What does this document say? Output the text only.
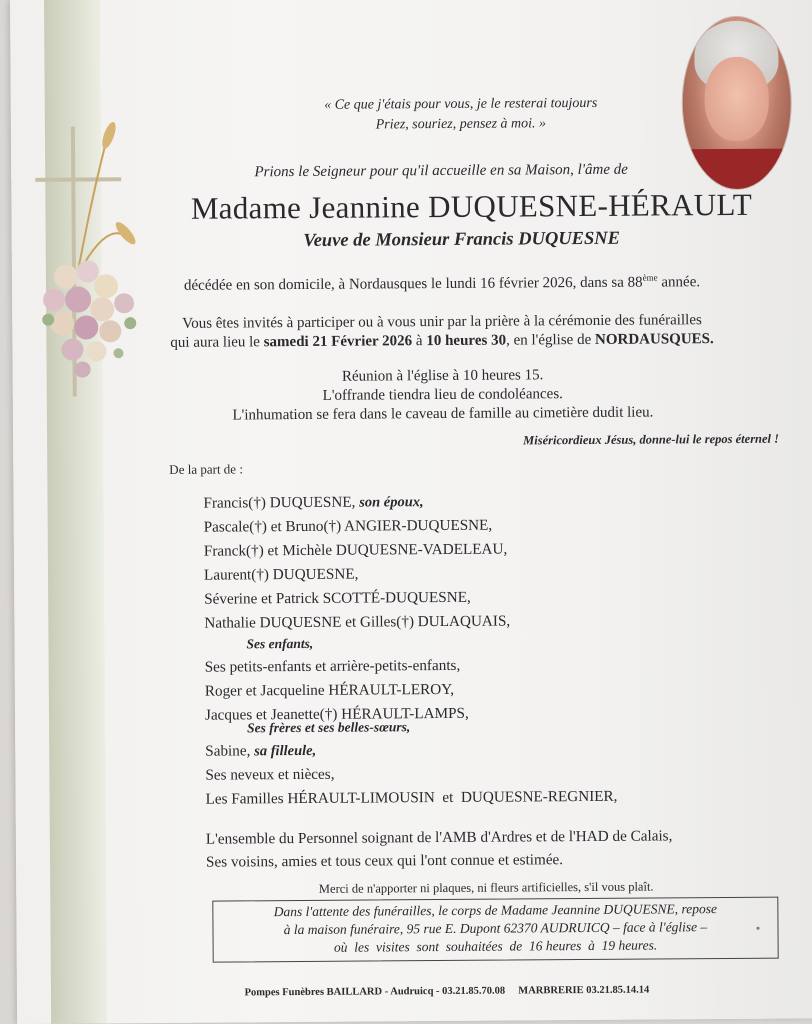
« Ce que j'étais pour vous, je le resterai toujours
Priez, souriez, pensez à moi. »
Prions le Seigneur pour qu'il accueille en sa Maison, l'âme de
Madame Jeannine DUQUESNE-HÉRAULT
Veuve de Monsieur Francis DUQUESNE
décédée en son domicile, à Nordausques le lundi 16 février 2026, dans sa 88ème année.
Vous êtes invités à participer ou à vous unir par la prière à la cérémonie des funérailles
qui aura lieu le samedi 21 Février 2026 à 10 heures 30, en l'église de NORDAUSQUES.
Réunion à l'église à 10 heures 15.
L'offrande tiendra lieu de condoléances.
L'inhumation se fera dans le caveau de famille au cimetière dudit lieu.
Miséricordieux Jésus, donne-lui le repos éternel !
De la part de :
Francis(†) DUQUESNE, son époux,
Pascale(†) et Bruno(†) ANGIER-DUQUESNE,
Franck(†) et Michèle DUQUESNE-VADELEAU,
Laurent(†) DUQUESNE,
Séverine et Patrick SCOTTÉ-DUQUESNE,
Nathalie DUQUESNE et Gilles(†) DULAQUAIS,
Ses enfants,
Ses petits-enfants et arrière-petits-enfants,
Roger et Jacqueline HÉRAULT-LEROY,
Jacques et Jeanette(†) HÉRAULT-LAMPS,
Ses frères et ses belles-sœurs,
Sabine, sa filleule,
Ses neveux et nièces,
Les Familles HÉRAULT-LIMOUSIN  et  DUQUESNE-REGNIER,
L'ensemble du Personnel soignant de l'AMB d'Ardres et de l'HAD de Calais,
Ses voisins, amies et tous ceux qui l'ont connue et estimée.
Merci de n'apporter ni plaques, ni fleurs artificielles, s'il vous plaît.
Dans l'attente des funérailles, le corps de Madame Jeannine DUQUESNE, repose
à la maison funéraire, 95 rue E. Dupont 62370 AUDRUICQ – face à l'église –
où  les  visites  sont  souhaitées  de  16 heures  à  19 heures.
Pompes Funèbres BAILLARD - Audruicq - 03.21.85.70.08     MARBRERIE 03.21.85.14.14
